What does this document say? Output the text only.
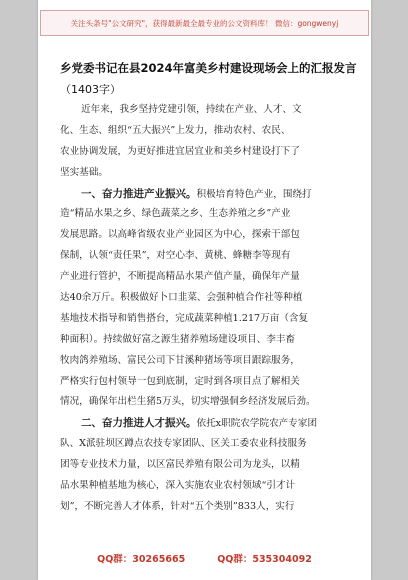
关注头条号"公文研究"，获得最新最全最专业的公文资料库！ 微信：gongwenyj
乡党委书记在县2024年富美乡村建设现场会上的汇报发言
（1403字）
近年来，我乡坚持党建引领，持续在产业、人才、文
化、生态、组织“五大振兴”上发力，推动农村、农民、
农业协调发展，为更好推进宜居宜业和美乡村建设打下了
坚实基础。
一、奋力推进产业振兴。积极培育特色产业，围绕打
造“精品水果之乡、绿色蔬菜之乡、生态养殖之乡”产业
发展思路。以高峰省级农业产业园区为中心，探索干部包
保制，认领“责任果”，对空心李、黄桃、蜂糖李等现有
产业进行管护，不断提高精品水果产值产量，确保年产量
达40余万斤。积极做好卜口韭菜、会强种植合作社等种植
基地技术指导和销售搭台，完成蔬菜种植1.217万亩（含复
种面积）。持续做好富之源生猪养殖场建设项目、李丰畜
牧肉鸽养殖场、富民公司下甘溪种猪场等项目跟踪服务，
严格实行包村领导一包到底制，定时到各项目点了解相关
情况，确保年出栏生猪5万头，切实增强侗乡经济发展后劲。
二、奋力推进人才振兴。依托x职院农学院农产专家团
队、X派驻坝区蹲点农技专家团队、区关工委农业科技服务
团等专业技术力量，以区富民养殖有限公司为龙头，以精
品水果种植基地为核心，深入实施农业农村领域“引才计
划”，不断完善人才体系，针对“五个类别”833人，实行
QQ群：30265665	QQ群：535304092
